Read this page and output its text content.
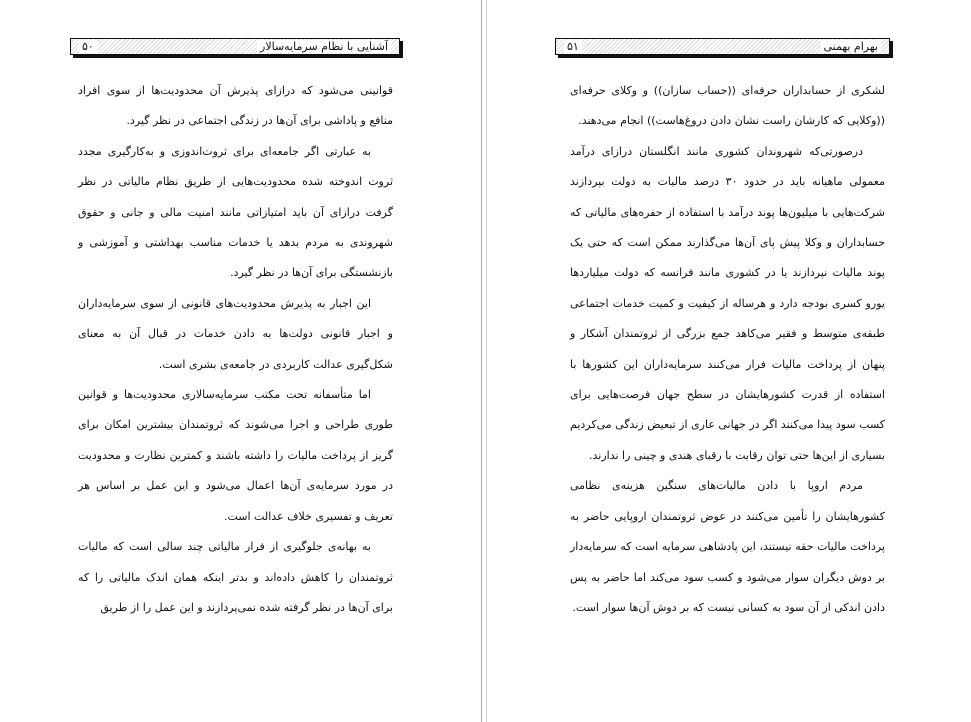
۵۰	آشنایی با نظام سرمایه‌سالار

قوانینی می‌شود که درازای پذیرش آن محدودیت‌ها از سوی افراد منافع و پاداشی برای آن‌ها در زندگی اجتماعی در نظر گیرد.

به عبارتی اگر جامعه‌ای برای ثروت‌اندوزی و به‌کارگیری مجدد ثروت اندوخته شده محدودیت‌هایی از طریق نظام مالیاتی در نظر گرفت درازای آن باید امتیازاتی مانند امنیت مالی و جانی و حقوق شهروندی به مردم بدهد یا خدمات مناسب بهداشتی و آموزشی و بازنشستگی برای آن‌ها در نظر گیرد.

این اجبار به پذیرش محدودیت‌های قانونی از سوی سرمایه‌داران و اجبار قانونی دولت‌ها به دادن خدمات در قبال آن به معنای شکل‌گیری عدالت کاربردی در جامعه‌ی بشری است.

اما متأسفانه تحت مکتب سرمایه‌سالاری محدودیت‌ها و قوانین طوری طراحی و اجرا می‌شوند که ثروتمندان بیشترین امکان برای گریز از پرداخت مالیات را داشته باشند و کمترین نظارت و محدودیت در مورد سرمایه‌ی آن‌ها اعمال می‌شود و این عمل بر اساس هر تعریف و تفسیری خلاف عدالت است.

به بهانه‌ی جلوگیری از فرار مالیاتی چند سالی است که مالیات ثروتمندان را کاهش داده‌اند و بدتر اینکه همان اندک مالیاتی را که برای آن‌ها در نظر گرفته شده نمی‌پردازند و این عمل را از طریق

۵۱	بهرام بهمنی

لشکری از حسابداران حرفه‌ای ((حساب سازان)) و وکلای حرفه‌ای ((وکلایی که کارشان راست نشان دادن دروغ‌هاست)) انجام می‌دهند.

درصورتی‌که شهروندان کشوری مانند انگلستان درازای درآمد معمولی ماهیانه باید در حدود ۳۰ درصد مالیات به دولت بپردازند شرکت‌هایی با میلیون‌ها پوند درآمد با استفاده از حفره‌های مالیاتی که حسابداران و وکلا پیش پای آن‌ها می‌گذارند ممکن است که حتی یک پوند مالیات نپردازند یا در کشوری مانند فرانسه که دولت میلیاردها یورو کسری بودجه دارد و هرساله از کیفیت و کمیت خدمات اجتماعی طبقه‌ی متوسط و فقیر می‌کاهد جمع بزرگی از ثروتمندان آشکار و پنهان از پرداخت مالیات فرار می‌کنند سرمایه‌داران این کشورها با استفاده از قدرت کشورهایشان در سطح جهان فرصت‌هایی برای کسب سود پیدا می‌کنند اگر در جهانی عاری از تبعیض زندگی می‌کردیم بسیاری از این‌ها حتی توان رقابت با رقبای هندی و چینی را ندارند.

مردم اروپا با دادن مالیات‌های سنگین هزینه‌ی نظامی کشورهایشان را تأمین می‌کنند در عوض ثروتمندان اروپایی حاضر به پرداخت مالیات حقه نیستند، این پادشاهی سرمایه است که سرمایه‌دار بر دوش دیگران سوار می‌شود و کسب سود می‌کند اما حاضر به پس دادن اندکی از آن سود به کسانی نیست که بر دوش آن‌ها سوار است.
